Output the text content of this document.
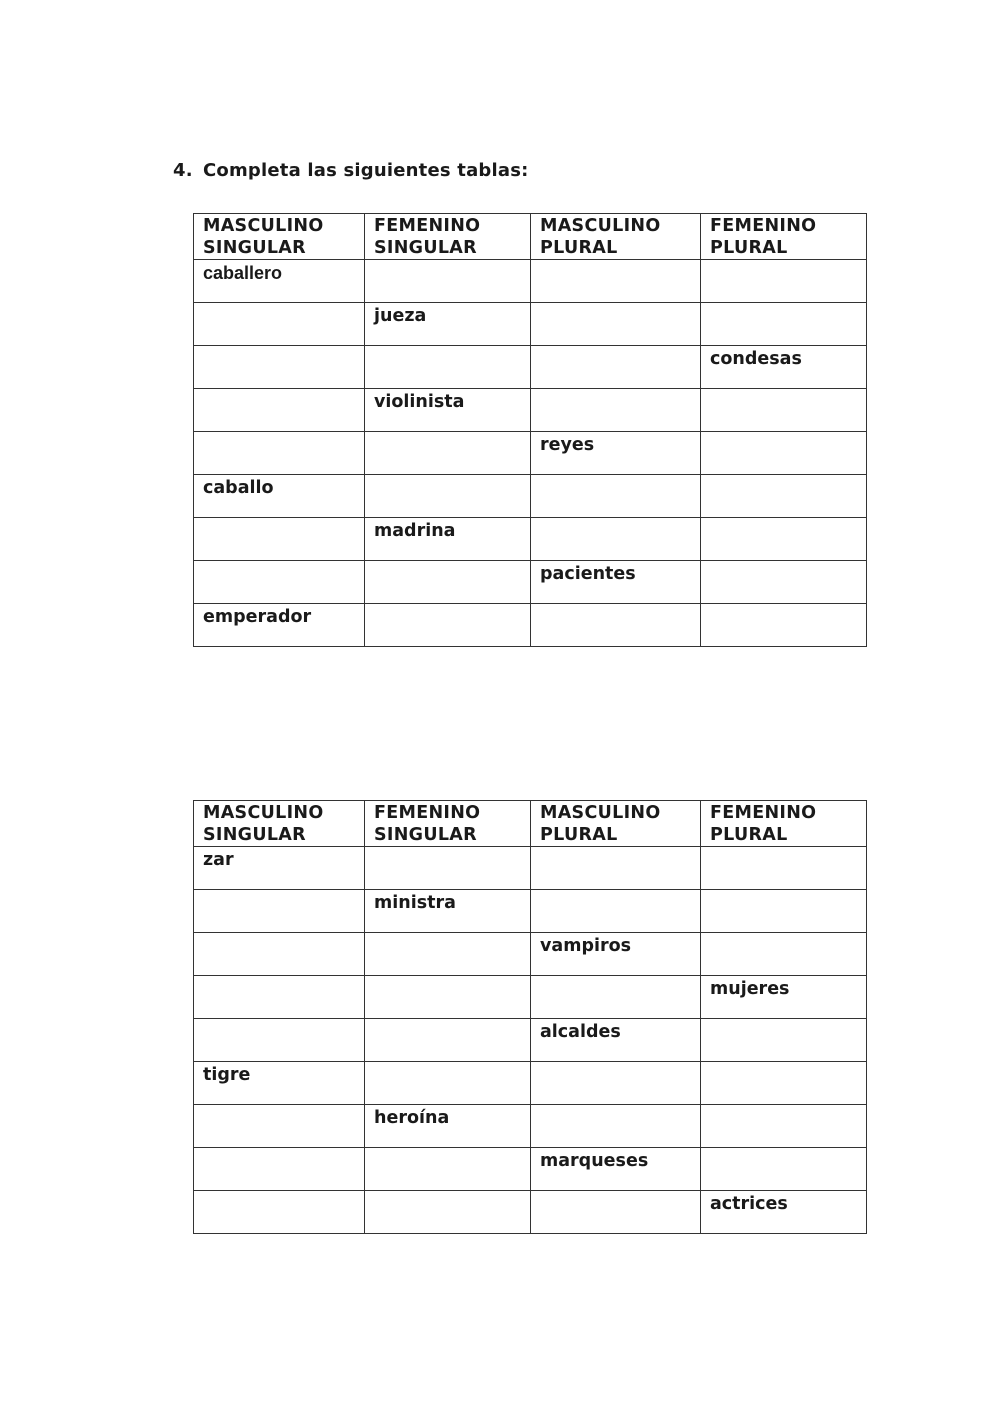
4. Completa las siguientes tablas:
MASCULINO
SINGULAR	FEMENINO
SINGULAR	MASCULINO
PLURAL	FEMENINO
PLURAL

caballero			
	jueza		
			condesas
	violinista		
		reyes	
caballo			
	madrina		
		pacientes	
emperador			
MASCULINO
SINGULAR	FEMENINO
SINGULAR	MASCULINO
PLURAL	FEMENINO
PLURAL

zar			
	ministra		
		vampiros	
			mujeres
		alcaldes	
tigre			
	heroína		
		marqueses	
			actrices
